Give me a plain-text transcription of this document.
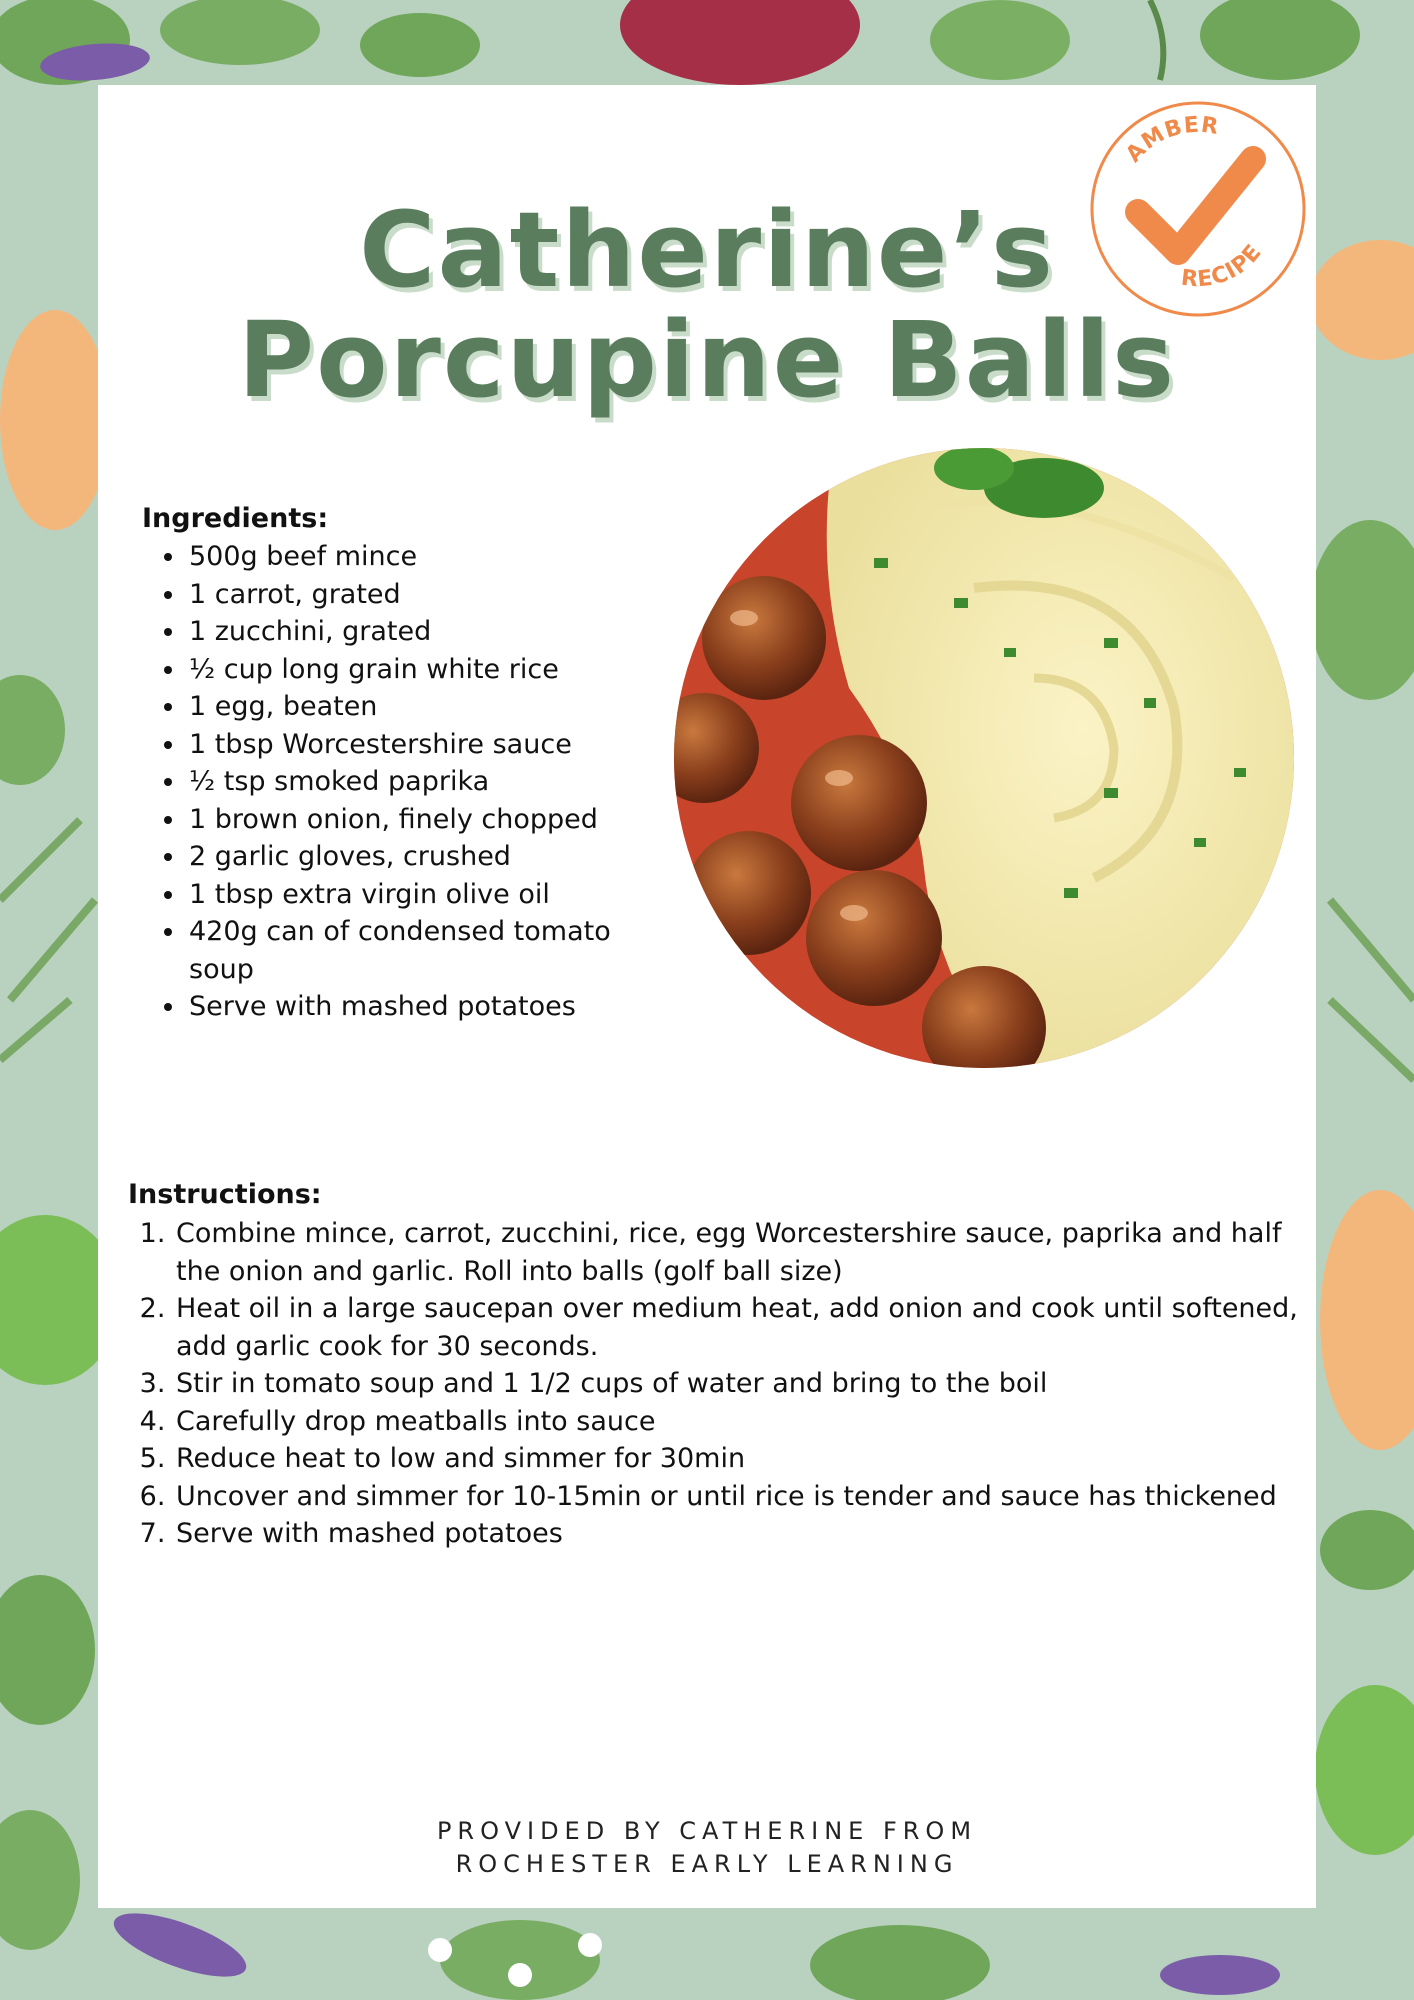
Catherine’s
Porcupine Balls
AMBER
RECIPE
Ingredients:
• 500g beef mince
• 1 carrot, grated
• 1 zucchini, grated
• ½ cup long grain white rice
• 1 egg, beaten
• 1 tbsp Worcestershire sauce
• ½ tsp smoked paprika
• 1 brown onion, finely chopped
• 2 garlic gloves, crushed
• 1 tbsp extra virgin olive oil
• 420g can of condensed tomato soup
• Serve with mashed potatoes
Instructions:
1. Combine mince, carrot, zucchini, rice, egg Worcestershire sauce, paprika and half the onion and garlic. Roll into balls (golf ball size)
2. Heat oil in a large saucepan over medium heat, add onion and cook until softened, add garlic cook for 30 seconds.
3. Stir in tomato soup and 1 1/2 cups of water and bring to the boil
4. Carefully drop meatballs into sauce
5. Reduce heat to low and simmer for 30min
6. Uncover and simmer for 10-15min or until rice is tender and sauce has thickened
7. Serve with mashed potatoes
PROVIDED BY CATHERINE FROM
ROCHESTER EARLY LEARNING
